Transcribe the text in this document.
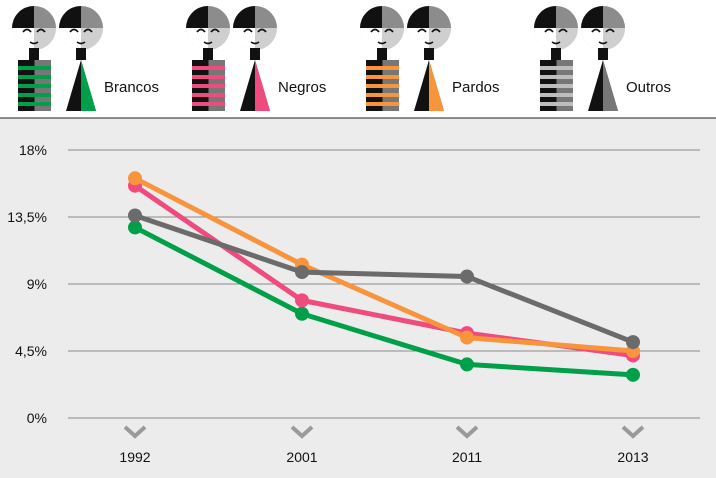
Brancos	Negros	Pardos	Outros
18%
13,5%
9%
4,5%
0%
1992	2001	2011	2013
